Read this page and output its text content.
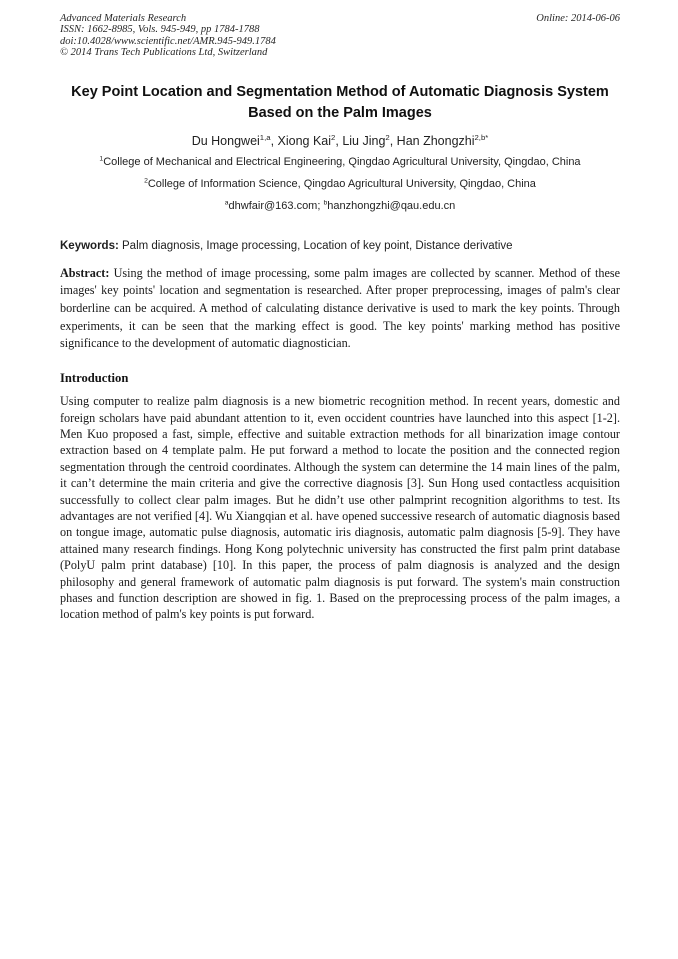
Advanced Materials Research
ISSN: 1662-8985, Vols. 945-949, pp 1784-1788
doi:10.4028/www.scientific.net/AMR.945-949.1784
© 2014 Trans Tech Publications Ltd, Switzerland
Online: 2014-06-06
Key Point Location and Segmentation Method of Automatic Diagnosis System Based on the Palm Images
Du Hongwei$^{1,a}$, Xiong Kai$^2$, Liu Jing$^2$, Han Zhongzhi$^{2,b*}$
$^1$College of Mechanical and Electrical Engineering, Qingdao Agricultural University, Qingdao, China
$^2$College of Information Science, Qingdao Agricultural University, Qingdao, China
$^a$dhwfair@163.com; $^b$hanzhongzhi@qau.edu.cn
Keywords: Palm diagnosis, Image processing, Location of key point, Distance derivative

Abstract: Using the method of image processing, some palm images are collected by scanner. Method of these images' key points' location and segmentation is researched. After proper preprocessing, images of palm's clear borderline can be acquired. A method of calculating distance derivative is used to mark the key points. Through experiments, it can be seen that the marking effect is good. The key points' marking method has positive significance to the development of automatic diagnostician.

Introduction

Using computer to realize palm diagnosis is a new biometric recognition method. In recent years, domestic and foreign scholars have paid abundant attention to it, even occident countries have launched into this aspect [1-2]. Men Kuo proposed a fast, simple, effective and suitable extraction methods for all binarization image contour extraction based on 4 template palm. He put forward a method to locate the position and the connected region segmentation through the centroid coordinates. Although the system can determine the 14 main lines of the palm, it can’t determine the main criteria and give the corrective diagnosis [3]. Sun Hong used contactless acquisition successfully to collect clear palm images. But he didn’t use other palmprint recognition algorithms to test. Its advantages are not verified [4]. Wu Xiangqian et al. have opened successive research of automatic diagnosis based on tongue image, automatic pulse diagnosis, automatic iris diagnosis, automatic palm diagnosis [5-9]. They have attained many research findings. Hong Kong polytechnic university has constructed the first palm print database (PolyU palm print database) [10]. In this paper, the process of palm diagnosis is analyzed and the design philosophy and general framework of automatic palm diagnosis is put forward. The system's main construction phases and function description are showed in fig. 1. Based on the preprocessing process of the palm images, a location method of palm's key points is put forward.
